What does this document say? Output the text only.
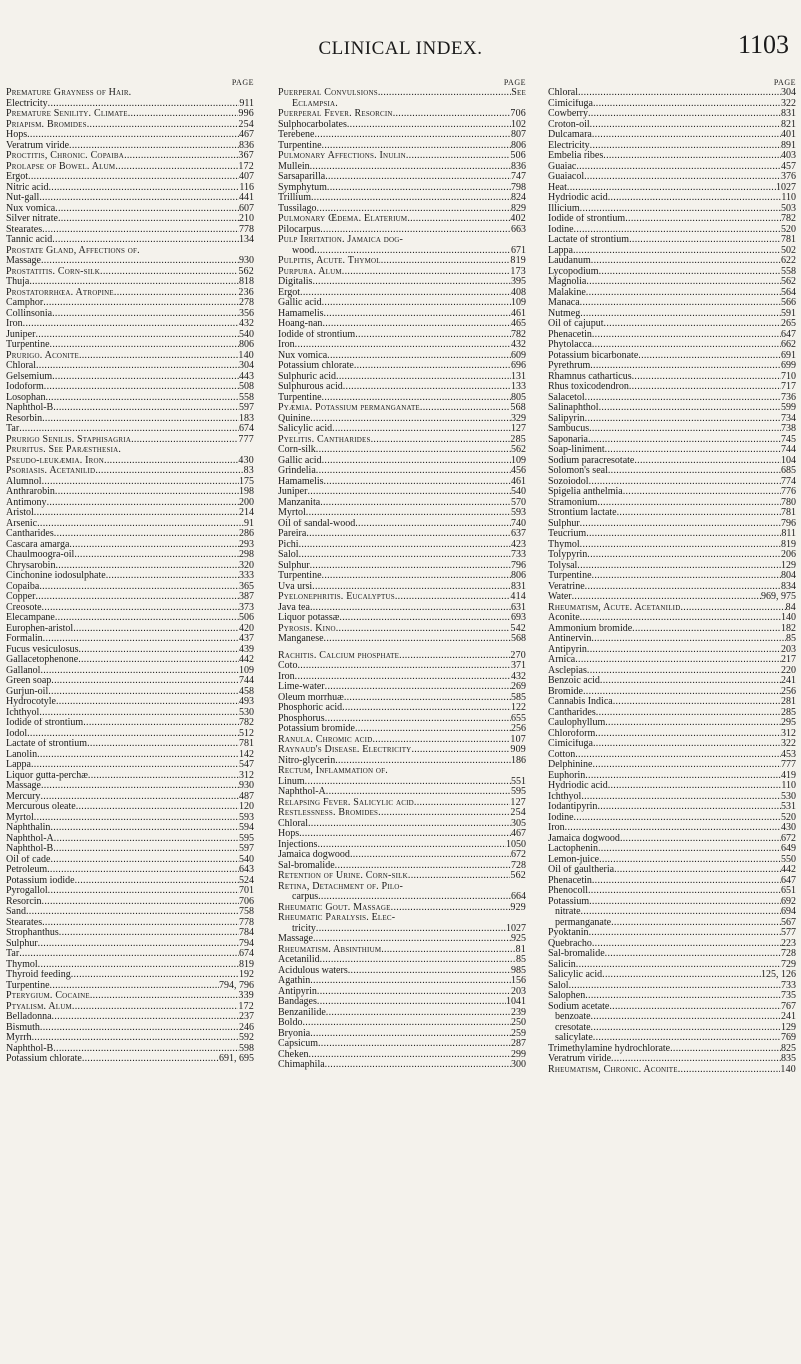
CLINICAL INDEX.	1103
PAGE
Premature Grayness of Hair.
Electricity .....	911
Premature Senility. Climate .....	996
Priapism. Bromides .....	254
Hops .....	467
Veratrum viride .....	836
Proctitis, Chronic. Copaiba .....	367
Prolapse of Bowel. Alum .....	172
Ergot .....	407
Nitric acid .....	116
Nut-gall .....	441
Nux vomica .....	607
Silver nitrate .....	210
Stearates .....	778
Tannic acid .....	134
Prostate Gland, Affections of.
Massage .....	930
Prostatitis. Corn-silk .....	562
Thuja .....	818
Prostatorrhœa. Atropine .....	236
Camphor .....	278
Collinsonia .....	356
Iron .....	432
Juniper .....	540
Turpentine .....	806
Prurigo. Aconite .....	140
Chloral .....	304
Gelsemium .....	443
Iodoform .....	508
Losophan .....	558
Naphthol-B .....	597
Resorbin .....	183
Tar .....	674
Prurigo Senilis. Staphisagria .....	777
Pruritus. See Paræsthesia.
Pseudo-leukæmia. Iron .....	430
Psoriasis. Acetanilid .....	83
Alumnol .....	175
Anthrarobin .....	198
Antimony .....	200
Aristol .....	214
Arsenic .....	91
Cantharides .....	286
Cascara amarga .....	293
Chaulmoogra-oil .....	298
Chrysarobin .....	320
Cinchonine iodosulphate .....	333
Copaiba .....	365
Copper .....	387
Creosote .....	373
Elecampane .....	506
Europhen-aristol .....	420
Formalin .....	437
Fucus vesiculosus .....	439
Gallacetophenone .....	442
Gallanol .....	109
Green soap .....	744
Gurjun-oil .....	458
Hydrocotyle .....	493
Ichthyol .....	530
Iodide of strontium .....	782
Iodol .....	512
Lactate of strontium .....	781
Lanolin .....	142
Lappa .....	547
Liquor gutta-perchæ .....	312
Massage .....	930
Mercury .....	487
Mercurous oleate .....	120
Myrtol .....	593
Naphthalin .....	594
Naphthol-A .....	595
Naphthol-B .....	597
Oil of cade .....	540
Petroleum .....	643
Potassium iodide .....	524
Pyrogallol .....	701
Resorcin .....	706
Sand .....	758
Stearates .....	778
Strophanthus .....	784
Sulphur .....	794
Tar .....	674
Thymol .....	819
Thyroid feeding .....	192
Turpentine .....	794, 796
Pterygium. Cocaine .....	339
Ptyalism. Alum .....	172
Belladonna .....	237
Bismuth .....	246
Myrrh .....	592
Naphthol-B .....	598
Potassium chlorate .....	691, 695
PAGE
Puerperal Convulsions. .....	See
Eclampsia.
Puerperal Fever. Resorcin .....	706
Sulphocarbolates .....	102
Terebene .....	807
Turpentine .....	806
Pulmonary Affections. Inulin .....	506
Mullein .....	836
Sarsaparilla .....	747
Symphytum .....	798
Trillium .....	824
Tussilago .....	829
Pulmonary Œdema. Elaterium .....	402
Pilocarpus .....	663
Pulp Irritation. Jamaica dog-
wood .....	671
Pulpitis, Acute. Thymol .....	819
Purpura. Alum .....	173
Digitalis .....	395
Ergot .....	408
Gallic acid .....	109
Hamamelis .....	461
Hoang-nan .....	465
Iodide of strontium .....	782
Iron .....	432
Nux vomica .....	609
Potassium chlorate .....	696
Sulphuric acid .....	131
Sulphurous acid .....	133
Turpentine .....	805
Pyæmia. Potassium permanganate .....	568
Quinine .....	329
Salicylic acid .....	127
Pyelitis. Cantharides .....	285
Corn-silk .....	562
Gallic acid .....	109
Grindelia .....	456
Hamamelis .....	461
Juniper .....	540
Manzanita .....	570
Myrtol .....	593
Oil of sandal-wood .....	740
Pareira .....	637
Pichi .....	423
Salol .....	733
Sulphur .....	796
Turpentine .....	806
Uva ursi .....	831
Pyelonephritis. Eucalyptus .....	414
Java tea .....	631
Liquor potassæ .....	693
Pyrosis. Kino .....	542
Manganese .....	568
Rachitis. Calcium phosphate .....	270
Coto .....	371
Iron .....	432
Lime-water .....	269
Oleum morrhuæ .....	585
Phosphoric acid .....	122
Phosphorus .....	655
Potassium bromide .....	256
Ranula. Chromic acid .....	107
Raynaud's Disease. Electricity .....	909
Nitro-glycerin .....	186
Rectum, Inflammation of.
Linum .....	551
Naphthol-A .....	595
Relapsing Fever. Salicylic acid .....	127
Restlessness. Bromides .....	254
Chloral .....	305
Hops .....	467
Injections .....	1050
Jamaica dogwood .....	672
Sal-bromalide .....	728
Retention of Urine. Corn-silk .....	562
Retina, Detachment of. Pilo-
carpus .....	664
Rheumatic Gout. Massage .....	929
Rheumatic Paralysis. Elec-
tricity .....	1027
Massage .....	925
Rheumatism. Absinthium .....	81
Acetanilid .....	85
Acidulous waters .....	985
Agathin .....	156
Antipyrin .....	203
Bandages .....	1041
Benzanilide .....	239
Boldo .....	250
Bryonia .....	259
Capsicum .....	287
Cheken .....	299
Chimaphila .....	300
PAGE
Chloral .....	304
Cimicifuga .....	322
Cowberry .....	831
Croton-oil .....	821
Dulcamara .....	401
Electricity .....	891
Embelia ribes .....	403
Guaiac .....	457
Guaiacol .....	376
Heat .....	1027
Hydriodic acid .....	110
Illicium .....	503
Iodide of strontium .....	782
Iodine .....	520
Lactate of strontium .....	781
Lappa .....	502
Laudanum .....	622
Lycopodium .....	558
Magnolia .....	562
Malakine .....	564
Manaca .....	566
Nutmeg .....	591
Oil of cajuput .....	265
Phenacetin .....	647
Phytolacca .....	662
Potassium bicarbonate .....	691
Pyrethrum .....	699
Rhamnus catharticus .....	710
Rhus toxicodendron .....	717
Salacetol .....	736
Salinaphthol .....	599
Salipyrin .....	734
Sambucus .....	738
Saponaria .....	745
Soap-liniment .....	744
Sodium paracresotate .....	104
Solomon's seal .....	685
Sozoiodol .....	774
Spigelia anthelmia .....	776
Stramonium .....	780
Strontium lactate .....	781
Sulphur .....	796
Teucrium .....	811
Thymol .....	819
Tolypyrin .....	206
Tolysal .....	129
Turpentine .....	804
Veratrine .....	834
Water .....	969, 975
Rheumatism, Acute. Acetanilid .....	84
Aconite .....	140
Ammonium bromide .....	182
Antinervin .....	85
Antipyrin .....	203
Arnica .....	217
Asclepias .....	220
Benzoic acid .....	241
Bromide .....	256
Cannabis Indica .....	281
Cantharides .....	285
Caulophyllum .....	295
Chloroform .....	312
Cimicifuga .....	322
Cotton .....	453
Delphinine .....	777
Euphorin .....	419
Hydriodic acid .....	110
Ichthyol .....	530
Iodantipyrin .....	531
Iodine .....	520
Iron .....	430
Jamaica dogwood .....	672
Lactophenin .....	649
Lemon-juice .....	550
Oil of gaultheria .....	442
Phenacetin .....	647
Phenocoll .....	651
Potassium .....	692
nitrate .....	694
permanganate .....	567
Pyoktanin .....	577
Quebracho .....	223
Sal-bromalide .....	728
Salicin .....	729
Salicylic acid .....	125, 126
Salol .....	733
Salophen .....	735
Sodium acetate .....	767
benzoate .....	241
cresotate .....	129
salicylate .....	769
Trimethylamine hydrochlorate .....	825
Veratrum viride .....	835
Rheumatism, Chronic. Aconite .....	140
